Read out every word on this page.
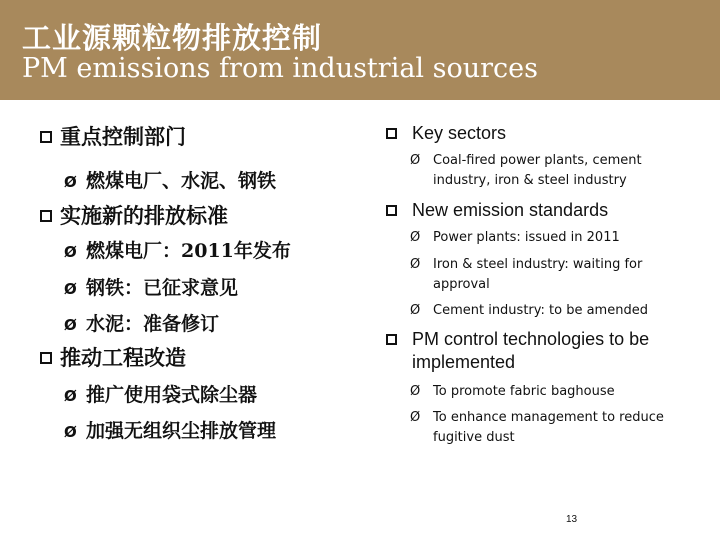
工业源颗粒物排放控制
PM emissions from industrial sources
重点控制部门
Ø 燃煤电厂、水泥、钢铁
实施新的排放标准
Ø 燃煤电厂：2011年发布
Ø 钢铁：已征求意见
Ø 水泥：准备修订
推动工程改造
Ø 推广使用袋式除尘器
Ø 加强无组织尘排放管理
Key sectors
Ø Coal-fired power plants, cement industry, iron & steel industry
New emission standards
Ø Power plants: issued in 2011
Ø Iron & steel industry: waiting for approval
Ø Cement industry: to be amended
PM control technologies to be implemented
Ø To promote fabric baghouse
Ø To enhance management to reduce fugitive dust
13
